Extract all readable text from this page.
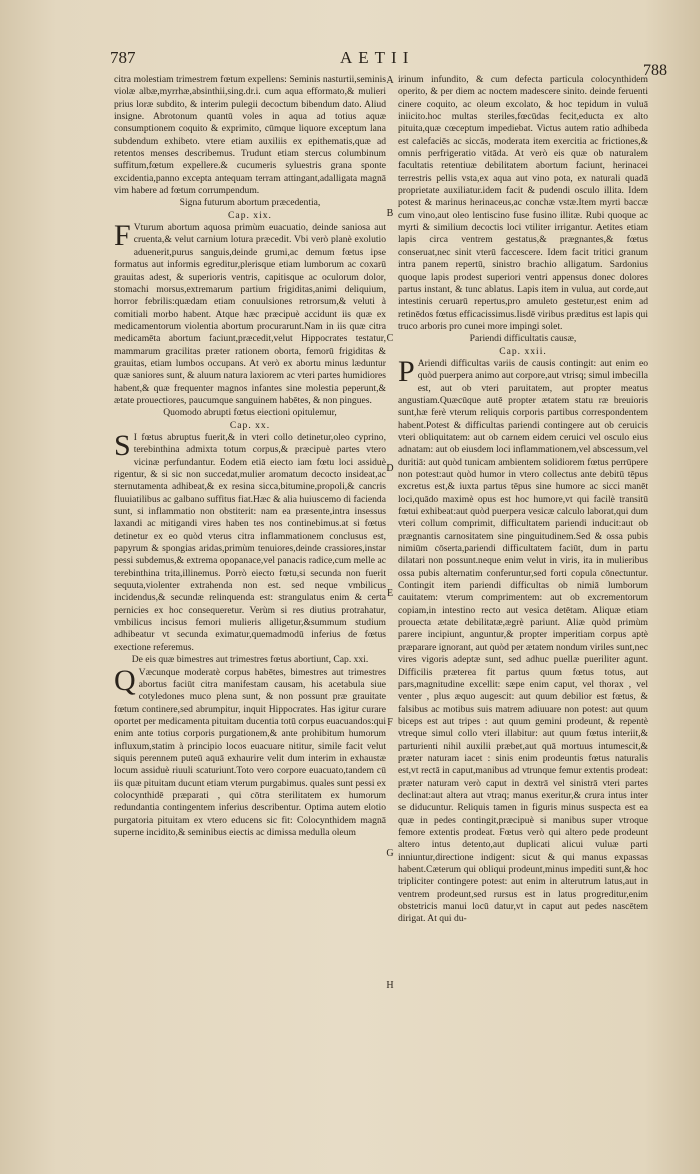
787	AETII
788

citra molestiam trimestrem fœtum expellens: Seminis nasturtii,seminis violæ albæ,myrrhæ,absinthii,sing.dr.i. cum aqua efformato,& mulieri prius loræ subdito, & interim pulegii decoctum bibendum dato. Aliud insigne. Abrotonum quantū voles in aqua ad totius aquæ consumptionem coquito & exprimito, cūmque liquore exceptum lana subdendum exhibeto. vtere etiam auxiliis ex epithematis,quæ ad retentos menses describemus. Trudunt etiam stercus columbinum suffitum,fœtum expellere.& cucumeris syluestris grana sponte excidentia,panno excepta antequam terram attingant,adalligata magnā vim habere ad fœtum corrumpendum.

Signa futurum abortum præcedentia,

Cap. xix.

F Vturum abortum aquosa primùm euacuatio, deinde saniosa aut cruenta,& velut carnium lotura præcedit. Vbi verò planè exolutio aduenerit,purus sanguis,deinde grumi,ac demum fœtus ipse formatus aut informis egreditur,plerisque etiam lumborum ac coxarū grauitas adest, & superioris ventris, capitisque ac oculorum dolor, stomachi morsus,extremarum partium frigiditas,animi deliquium, horror febrilis:quædam etiam conuulsiones retrorsum,& veluti à comitiali morbo habent. Atque hæc præcipuè accidunt iis quæ ex medicamentorum violentia abortum procurarunt.Nam in iis quæ citra medicamēta abortum faciunt,præcedit,velut Hippocrates testatur, mammarum gracilitas præter rationem oborta, femorū frigiditas & grauitas, etiam lumbos occupans. At verò ex abortu minus læduntur quæ saniores sunt, & aluum natura laxiorem ac vteri partes humidiores habent,& quæ frequenter magnos infantes sine molestia peperunt,& ætate prouectiores, paucumque sanguinem habētes, & non pingues.

Quomodo abrupti fœtus eiectioni opitulemur,

Cap. xx.

S I fœtus abruptus fuerit,& in vteri collo detinetur,oleo cyprino, terebinthina admixta totum corpus,& præcipuè partes vtero vicinæ perfundantur. Eodem etiā eiecto iam fœtu loci assiduè rigentur, & si sic non succedat,mulier aromatum decocto insideat,ac sternutamenta adhibeat,& ex resina sicca,bitumine,propoli,& cancris fluuiatilibus ac galbano suffitus fiat.Hæc & alia huiuscemo di facienda sunt, si inflammatio non obstiterit: nam ea præsente,intra insessus laxandi ac mitigandi vires haben tes nos continebimus.at si fœtus detinetur ex eo quòd vterus citra inflammationem conclusus est, papyrum & spongias aridas,primùm tenuiores,deinde crassiores,instar pessi subdemus,& extrema opopanace,vel panacis radice,cum melle ac terebinthina trita,illinemus. Porrò eiecto fœtu,si secunda non fuerit sequuta,violenter extrahenda non est. sed neque vmbilicus incidendus,& secundæ relinquenda est: strangulatus enim & certa pernicies ex hoc consequeretur. Verùm si res diutius protrahatur, vmbilicus incisus femori mulieris alligetur,&summum studium adhibeatur vt secunda eximatur,quemadmodū inferius de fœtus exectione referemus.

De eis quæ bimestres aut trimestres fœtus abortiunt, Cap. xxi.

Q Væcunque moderatè corpus habētes, bimestres aut trimestres abortus faciūt citra manifestam causam, his acetabula siue cotyledones muco plena sunt, & non possunt præ grauitate fœtum continere,sed abrumpitur, inquit Hippocrates. Has igitur curare oportet per medicamenta pituitam ducentia totū corpus euacuandos:qui enim ante totius corporis purgationem,& ante prohibitum humorum influxum,statim à principio locos euacuare nititur, simile facit velut siquis perennem puteū aquā exhaurire velit dum interim in exhaustæ locum assiduè riuuli scaturiunt.Toto vero corpore euacuato,tandem cū iis quæ pituitam ducunt etiam vterum purgabimus. quales sunt pessi ex colocynthidē præparati , qui cōtra sterilitatem ex humorum redundantia contingentem inferius describentur. Optima autem elotio purgatoria pituitam ex vtero educens sic fit: Colocynthidem magnā superne incidito,& seminibus eiectis ac dimissa medulla oleum

A
B
C
D
E
F
G
H

irinum infundito, & cum defecta particula colocynthidem operito, & per diem ac noctem madescere sinito. deinde feruenti cinere coquito, ac oleum excolato, & hoc tepidum in vuluā iniicito.hoc multas steriles,fœcūdas fecit,educta ex alto pituita,quæ cœceptum impediebat. Victus autem ratio adhibeda est calefaciēs ac siccās, moderata item exercitia ac frictiones,& omnis perfrigeratio vitāda. At verò eis quæ ob naturalem facultatis retentiuæ debilitatem abortum faciunt, herinacei terrestris pellis vsta,ex aqua aut vino pota, ex naturali quadā proprietate auxiliatur.idem facit & pudendi osculo illita. Idem potest & marinus herinaceus,ac conchæ vstæ.Item myrti baccæ cum vino,aut oleo lentiscino fuse fusino illitæ. Rubi quoque ac myrti & similium decoctis loci vtiliter irrigantur. Aetites etiam lapis circa ventrem gestatus,& prægnantes,& fœtus conseruat,nec sinit vterū faccescere. Idem facit tritici granum intra panem repertū, sinistro brachio alligatum. Sardonius quoque lapis prodest superiori ventri appensus donec dolores partus instant, & tunc ablatus. Lapis item in vulua, aut corde,aut intestinis ceruarū repertus,pro amuleto gestetur,est enim ad retinēdos fœtus efficacissimus.Iisdē viribus præditus est lapis qui truco arboris pro cunei more impingi solet.

Pariendi difficultatis causæ,

Cap. xxii.

P Ariendi difficultas variis de causis contingit: aut enim eo quòd puerpera animo aut corpore,aut vtrisq; simul imbecilla est, aut ob vteri paruitatem, aut propter meatus angustiam.Quæcūque autē propter ætatem statu ræ breuioris sunt,hæ ferè vterum reliquis corporis partibus correspondentem habent.Potest & difficultas pariendi contingere aut ob ceruicis vteri obliquitatem: aut ob carnem eidem ceruici vel osculo eius adnatam: aut ob eiusdem loci inflammationem,vel abscessum,vel duritiā: aut quòd tunicam ambientem solidiorem fœtus perrūpere non potest:aut quòd humor in vtero collectus ante debitū tēpus excretus est,& iuxta partus tēpus sine humore ac sicci manēt loci,quādo maximè opus est hoc humore,vt qui facilè transitū fœtui exhibeat:aut quòd puerpera vesicæ calculo laborat,qui dum vteri collum comprimit, difficultatem pariendi inducit:aut ob prægnantis carnositatem sine pinguitudinem.Sed & ossa pubis nimiūm cōserta,pariendi difficultatem faciūt, dum in partu dilatari non possunt.neque enim velut in viris, ita in mulieribus ossa pubis alternatim conferuntur,sed forti copula cōnectuntur. Contingit item pariendi difficultas ob nimiā lumborum cauitatem: vterum comprimentem: aut ob excrementorum copiam,in intestino recto aut vesica detētam. Aliquæ etiam prouecta ætate debilitatæ,ægrè pariunt. Aliæ quòd primùm parere incipiunt, anguntur,& propter imperitiam corpus aptè præparare ignorant, aut quòd per ætatem nondum viriles sunt,nec vires vigoris adeptæ sunt, sed adhuc puellæ pueriliter agunt. Difficilis præterea fit partus quum fœtus totus, aut pars,magnitudine excellit: sæpe enim caput, vel thorax , vel venter , plus æquo augescit: aut quum debilior est fœtus, & falsibus ac motibus suis matrem adiuuare non potest: aut quum biceps est aut tripes : aut quum gemini prodeunt, & repentè vtreque simul collo vteri illabitur: aut quum fœtus interiit,& parturienti nihil auxilii præbet,aut quā mortuus intumescit,& præter naturam iacet : sinis enim prodeuntis fœtus naturalis est,vt rectā in caput,manibus ad vtrunque femur extentis prodeat: præter naturam verò caput in dextrā vel sinistrā vteri partes declinat:aut altera aut vtraq; manus exeritur,& crura intus inter se diducuntur. Reliquis tamen in figuris minus suspecta est ea quæ in pedes contingit,præcipuè si manibus super vtroque femore extentis prodeat. Fœtus verò qui altero pede prodeunt altero intus detento,aut duplicati alicui vuluæ parti inniuntur,directione indigent: sicut & qui manus expassas habent.Cæterum qui obliqui prodeunt,minus impediti sunt,& hoc tripliciter contingere potest: aut enim in alterutrum latus,aut in ventrem prodeunt,sed rursus est in latus progreditur,enim obstetricis manui locū datur,vt in caput aut pedes nascētem dirigat. At qui du-
